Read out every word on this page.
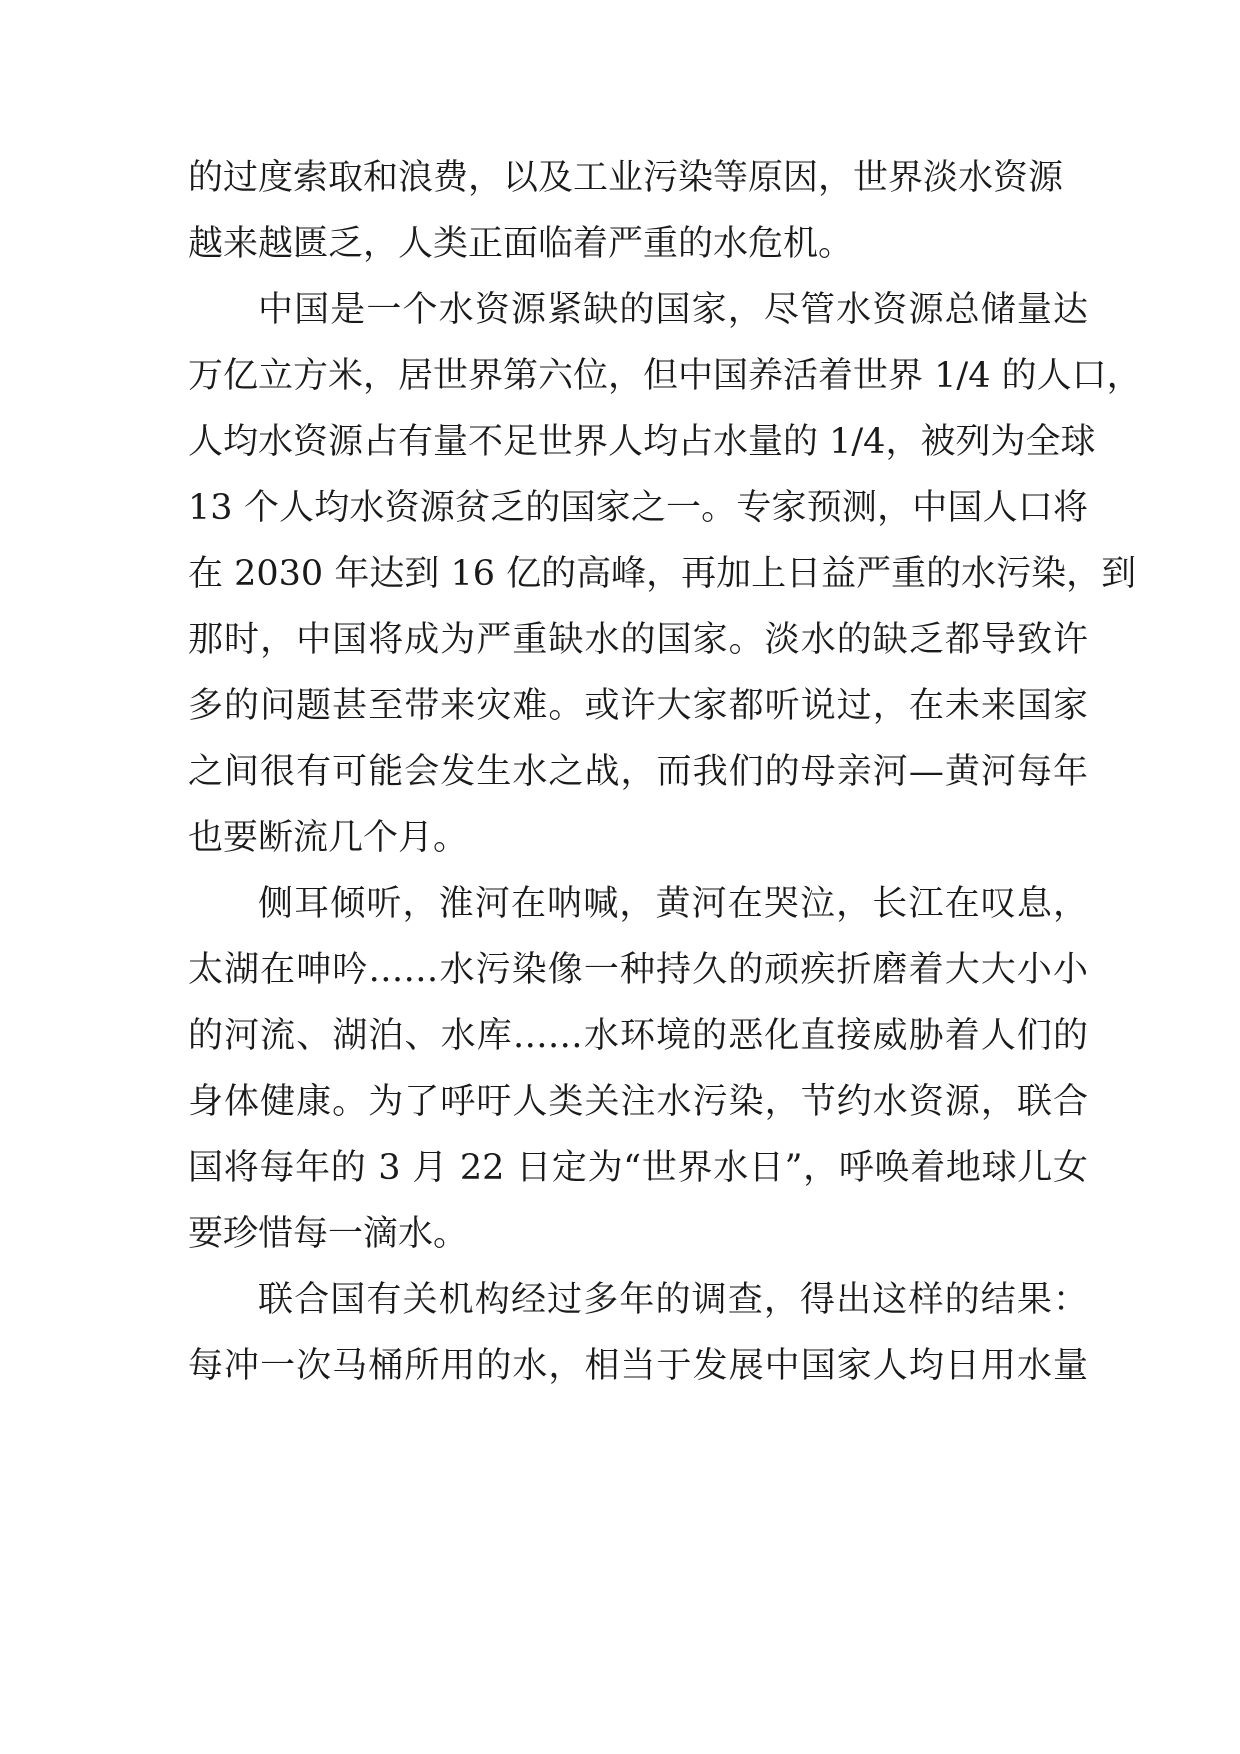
的过度索取和浪费，以及工业污染等原因，世界淡水资源
越来越匮乏，人类正面临着严重的水危机。
中国是一个水资源紧缺的国家，尽管水资源总储量达
万亿立方米，居世界第六位，但中国养活着世界 1/4 的人口，
人均水资源占有量不足世界人均占水量的 1/4，被列为全球
13 个人均水资源贫乏的国家之一。专家预测，中国人口将
在 2030 年达到 16 亿的高峰，再加上日益严重的水污染，到
那时，中国将成为严重缺水的国家。淡水的缺乏都导致许
多的问题甚至带来灾难。或许大家都听说过，在未来国家
之间很有可能会发生水之战，而我们的母亲河—黄河每年
也要断流几个月。
侧耳倾听，淮河在呐喊，黄河在哭泣，长江在叹息，
太湖在呻吟……水污染像一种持久的顽疾折磨着大大小小
的河流、湖泊、水库……水环境的恶化直接威胁着人们的
身体健康。为了呼吁人类关注水污染，节约水资源，联合
国将每年的 3 月 22 日定为“世界水日”，呼唤着地球儿女
要珍惜每一滴水。
联合国有关机构经过多年的调查，得出这样的结果：
每冲一次马桶所用的水，相当于发展中国家人均日用水量
